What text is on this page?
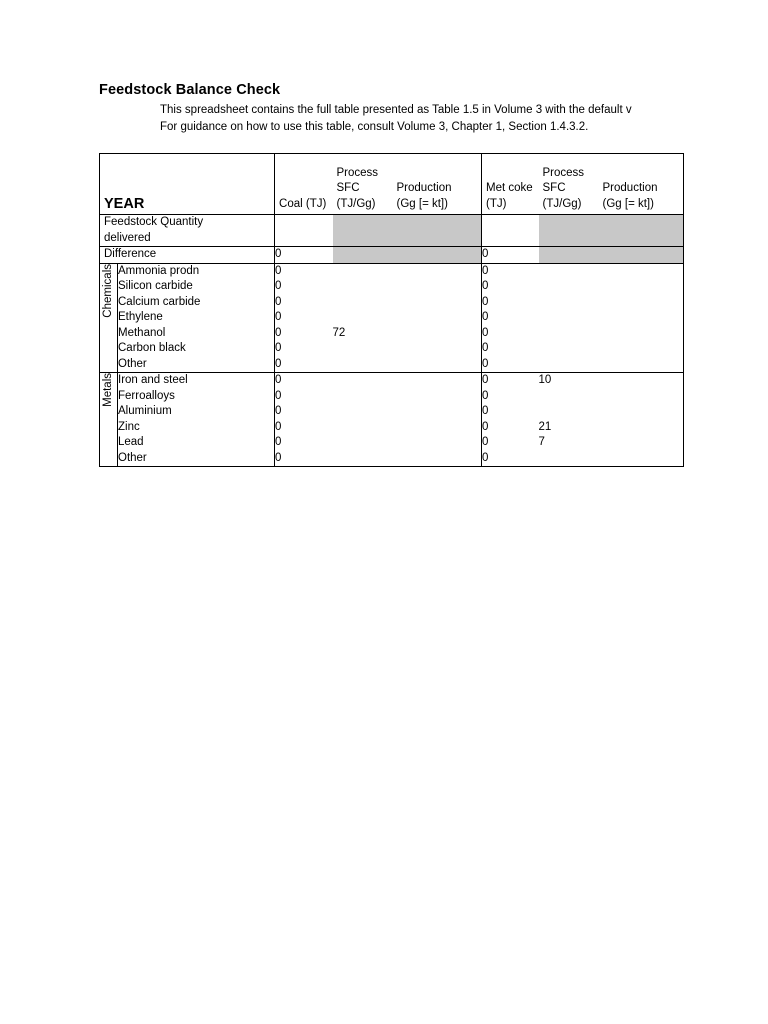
Feedstock Balance Check
This spreadsheet contains the full table presented as Table 1.5 in Volume 3 with the default v
For guidance on how to use this table, consult Volume 3, Chapter 1, Section 1.4.3.2.
YEAR		Coal (TJ)	Process
SFC
(TJ/Gg)	Production
(Gg [= kt])	Met coke
(TJ)	Process
SFC
(TJ/Gg)	Production
(Gg [= kt])

Feedstock Quantity
delivered							

Difference		0			0		

Chemicals	Ammonia prodn	0			0		
	Silicon carbide	0			0		
	Calcium carbide	0			0		
	Ethylene	0			0		
	Methanol	0	72		0		
	Carbon black	0			0		
	Other	0			0		

Metals	Iron and steel	0			0	10	
	Ferroalloys	0			0		
	Aluminium	0			0		
	Zinc	0			0	21	
	Lead	0			0	7	
	Other	0			0		
